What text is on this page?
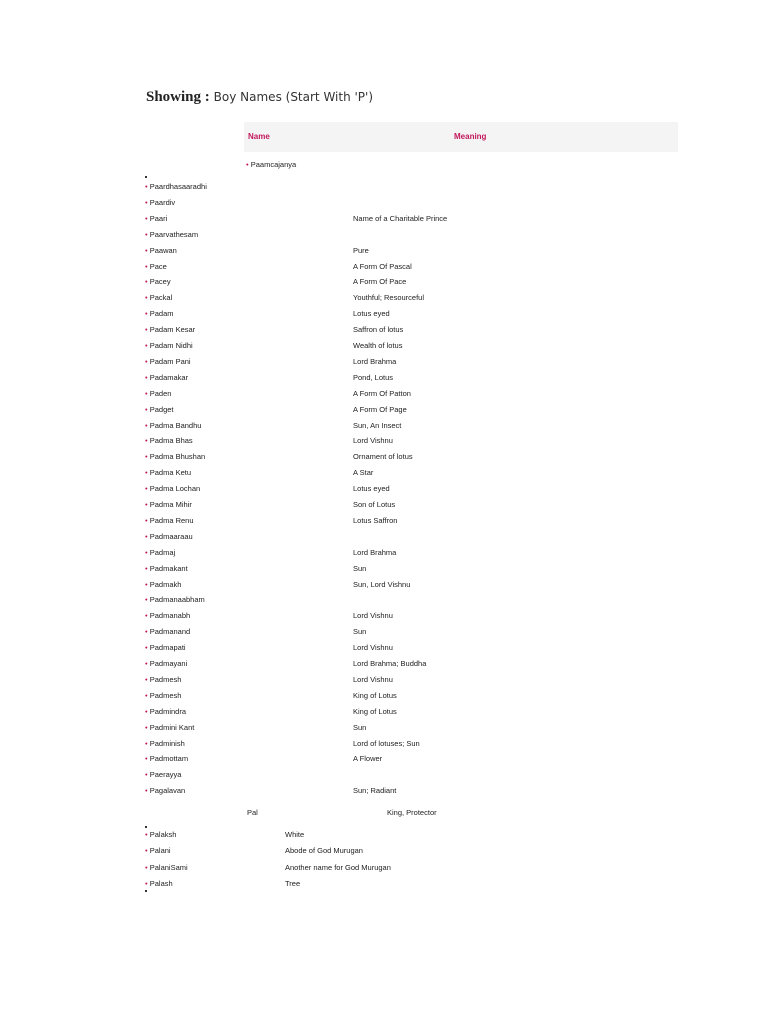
Showing : Boy Names (Start With 'P')
Name	Meaning
• Paamcajanya
• Paardhasaaradhi
• Paardiv
• Paari	Name of a Charitable Prince
• Paarvathesam
• Paawan	Pure
• Pace	A Form Of Pascal
• Pacey	A Form Of Pace
• Packal	Youthful; Resourceful
• Padam	Lotus eyed
• Padam Kesar	Saffron of lotus
• Padam Nidhi	Wealth of lotus
• Padam Pani	Lord Brahma
• Padamakar	Pond, Lotus
• Paden	A Form Of Patton
• Padget	A Form Of Page
• Padma Bandhu	Sun, An Insect
• Padma Bhas	Lord Vishnu
• Padma Bhushan	Ornament of lotus
• Padma Ketu	A Star
• Padma Lochan	Lotus eyed
• Padma Mihir	Son of Lotus
• Padma Renu	Lotus Saffron
• Padmaaraau
• Padmaj	Lord Brahma
• Padmakant	Sun
• Padmakh	Sun, Lord Vishnu
• Padmanaabham
• Padmanabh	Lord Vishnu
• Padmanand	Sun
• Padmapati	Lord Vishnu
• Padmayani	Lord Brahma; Buddha
• Padmesh	Lord Vishnu
• Padmesh	King of Lotus
• Padmindra	King of Lotus
• Padmini Kant	Sun
• Padminish	Lord of lotuses; Sun
• Padmottam	A Flower
• Paerayya
• Pagalavan	Sun; Radiant
Pal	King, Protector
• Palaksh	White
• Palani	Abode of God Murugan
• PalaniSami	Another name for God Murugan
• Palash	Tree
